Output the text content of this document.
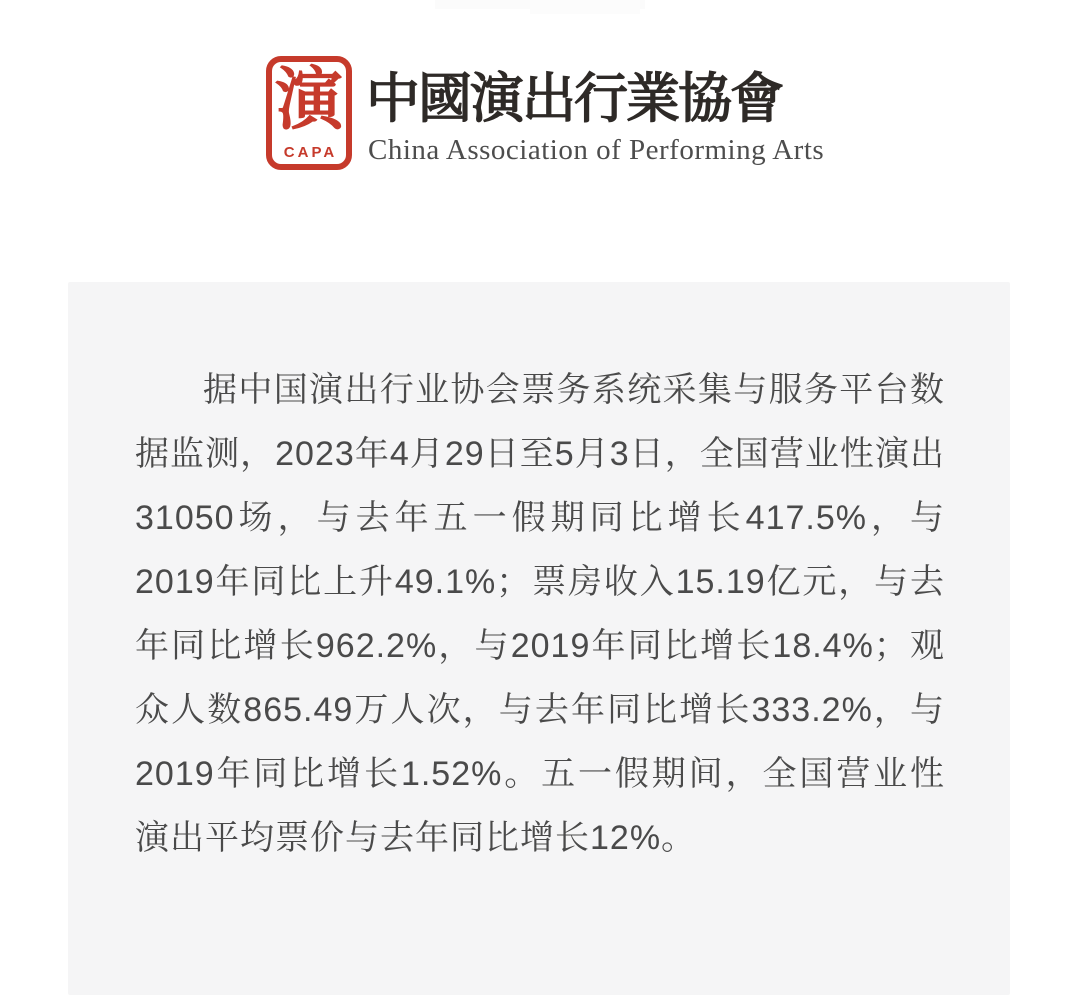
演
CAPA
中國演出行業協會
China Association of Performing Arts

据中国演出行业协会票务系统采集与服务平台数据监测，2023年4月29日至5月3日，全国营业性演出31050场，与去年五一假期同比增长417.5%，与2019年同比上升49.1%；票房收入15.19亿元，与去年同比增长962.2%，与2019年同比增长18.4%；观众人数865.49万人次，与去年同比增长333.2%，与2019年同比增长1.52%。五一假期间，全国营业性演出平均票价与去年同比增长12%。
